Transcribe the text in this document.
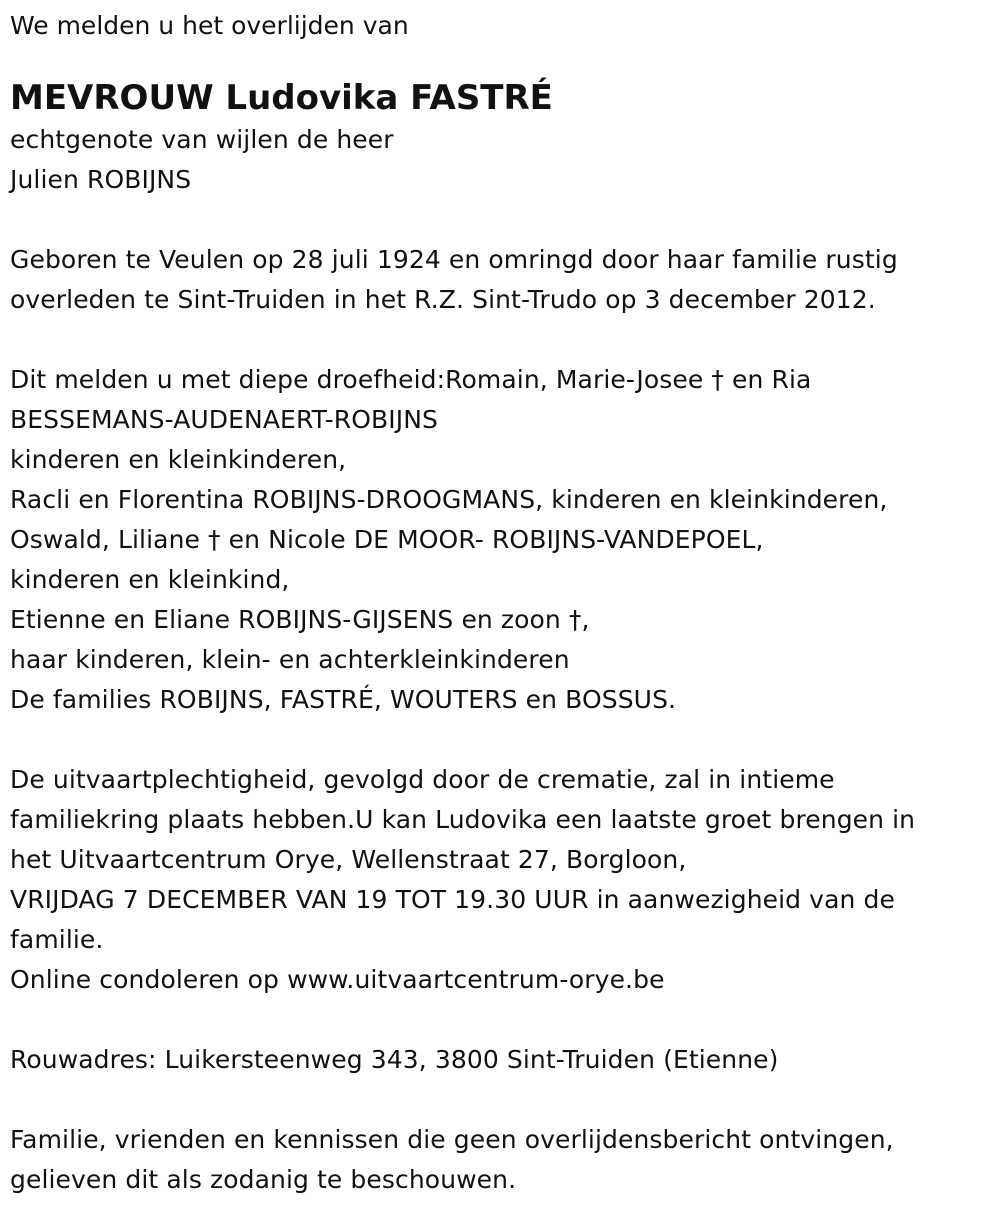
We melden u het overlijden van
MEVROUW Ludovika FASTRÉ
echtgenote van wijlen de heer
Julien ROBIJNS
Geboren te Veulen op 28 juli 1924 en omringd door haar familie rustig
overleden te Sint-Truiden in het R.Z. Sint-Trudo op 3 december 2012.
Dit melden u met diepe droefheid:Romain, Marie-Josee † en Ria
BESSEMANS-AUDENAERT-ROBIJNS
kinderen en kleinkinderen,
Racli en Florentina ROBIJNS-DROOGMANS, kinderen en kleinkinderen,
Oswald, Liliane † en Nicole DE MOOR- ROBIJNS-VANDEPOEL,
kinderen en kleinkind,
Etienne en Eliane ROBIJNS-GIJSENS en zoon †,
haar kinderen, klein- en achterkleinkinderen
De families ROBIJNS, FASTRÉ, WOUTERS en BOSSUS.
De uitvaartplechtigheid, gevolgd door de crematie, zal in intieme
familiekring plaats hebben.U kan Ludovika een laatste groet brengen in
het Uitvaartcentrum Orye, Wellenstraat 27, Borgloon,
VRIJDAG 7 DECEMBER VAN 19 TOT 19.30 UUR in aanwezigheid van de
familie.
Online condoleren op www.uitvaartcentrum-orye.be
Rouwadres: Luikersteenweg 343, 3800 Sint-Truiden (Etienne)
Familie, vrienden en kennissen die geen overlijdensbericht ontvingen,
gelieven dit als zodanig te beschouwen.
